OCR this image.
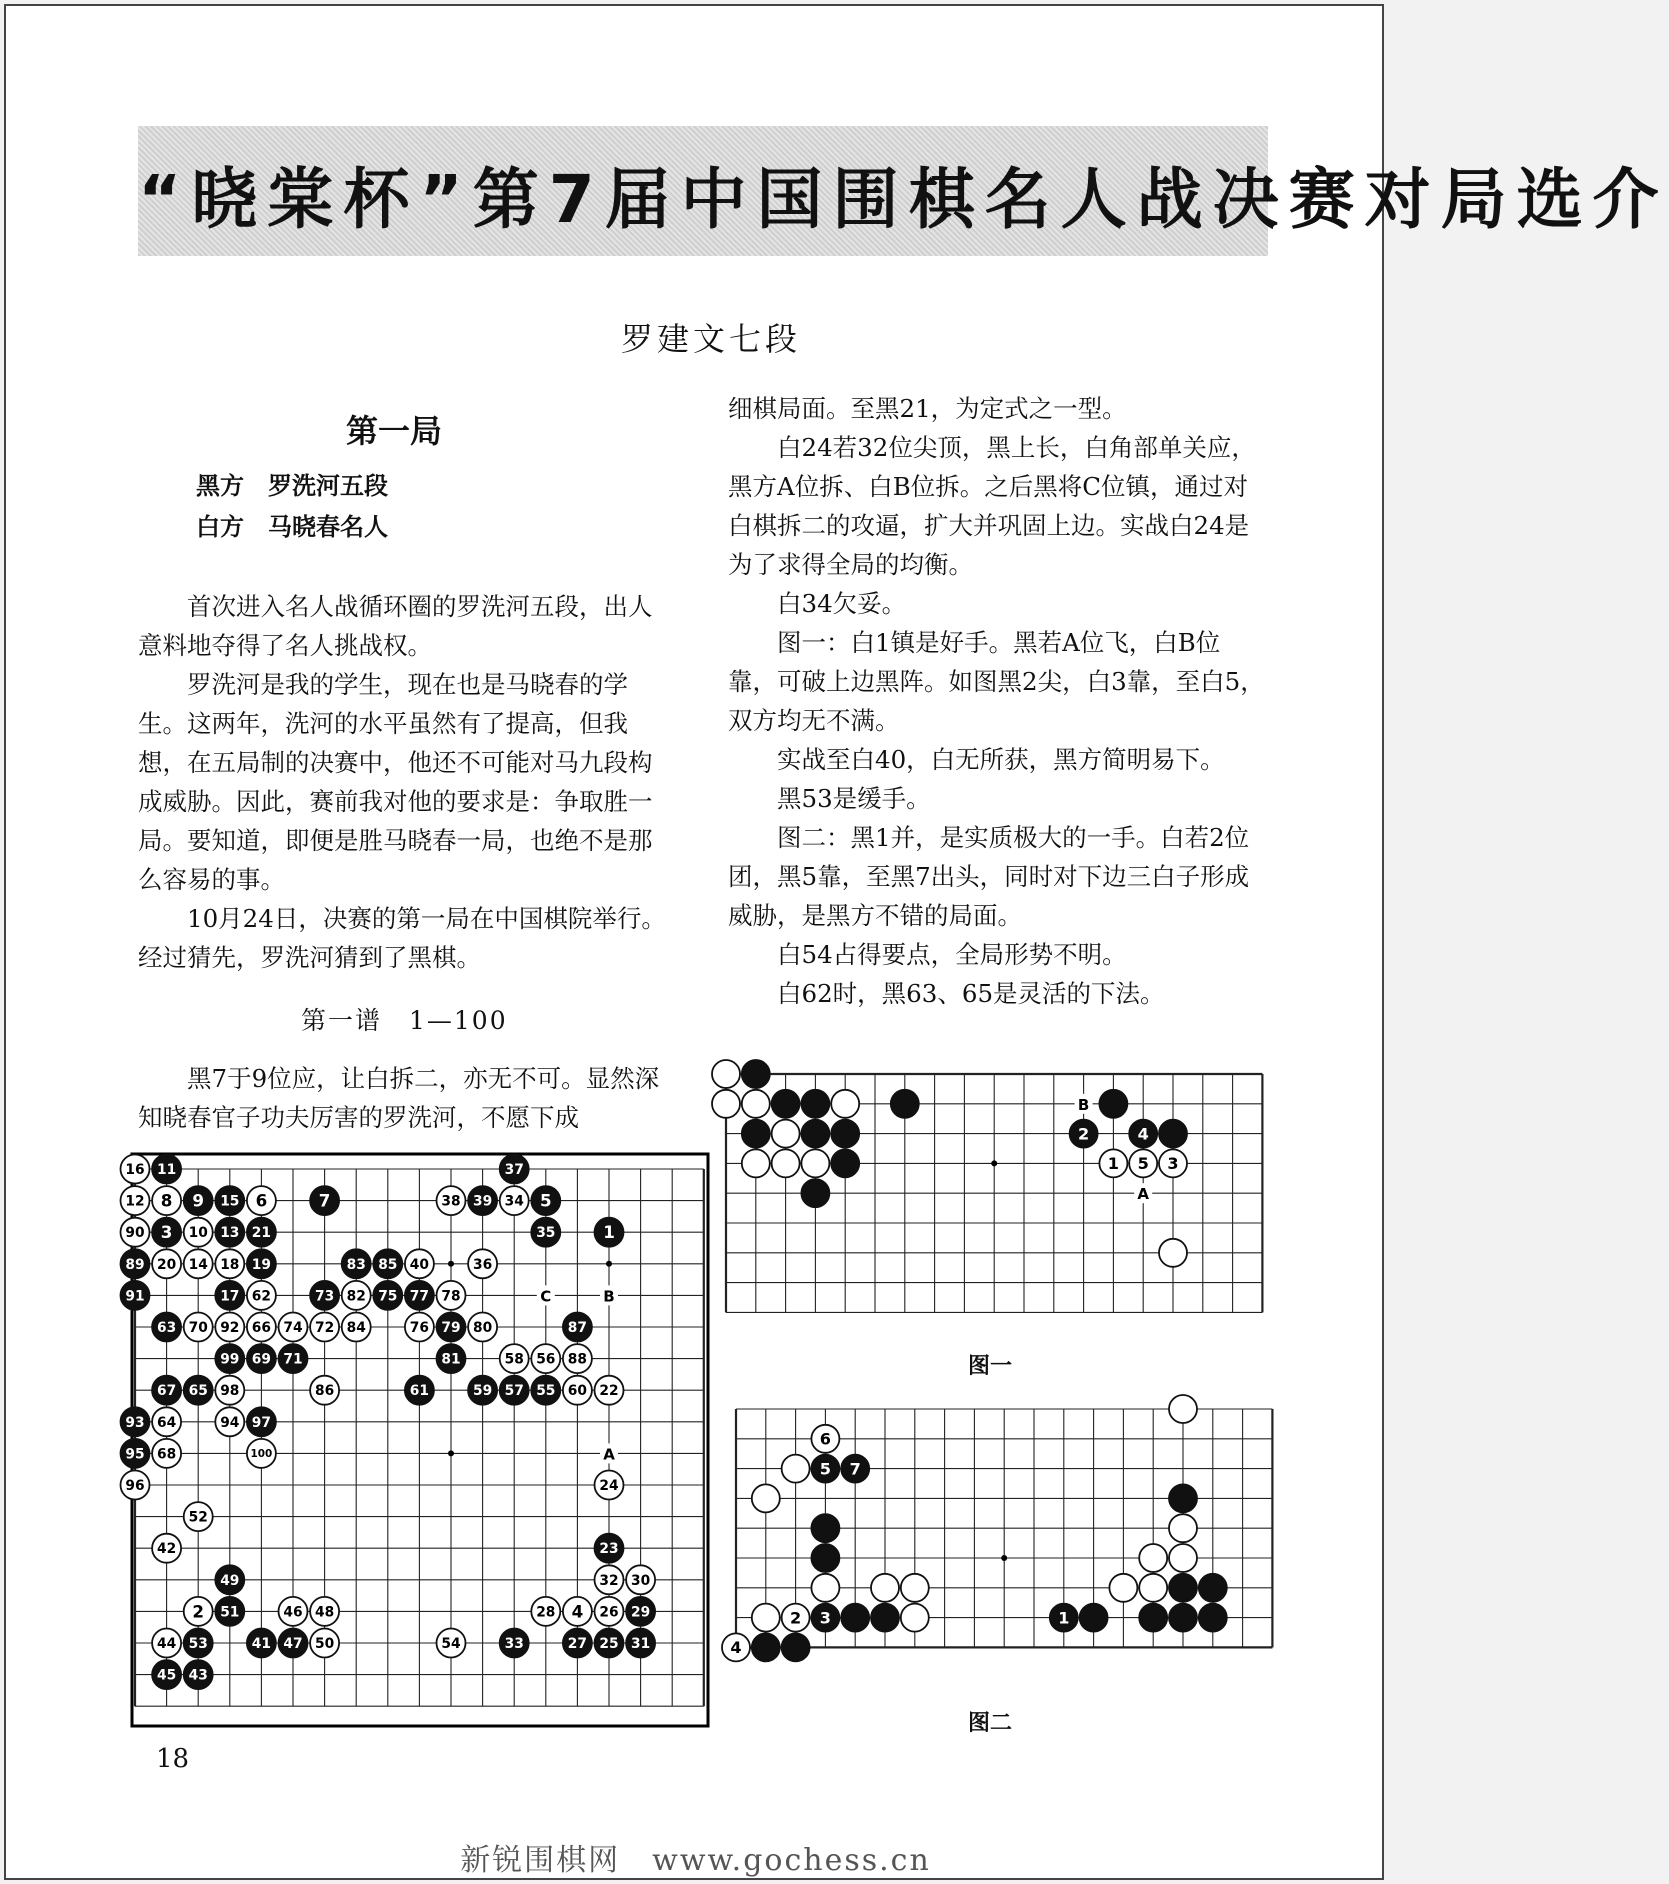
“晓棠杯”第7届中国围棋名人战决赛对局选介
罗建文七段
第一局
黑方　罗洗河五段
白方　马晓春名人

首次进入名人战循环圈的罗洗河五段，出人意料地夺得了名人挑战权。

罗洗河是我的学生，现在也是马晓春的学生。这两年，洗河的水平虽然有了提高，但我想，在五局制的决赛中，他还不可能对马九段构成威胁。因此，赛前我对他的要求是：争取胜一局。要知道，即便是胜马晓春一局，也绝不是那么容易的事。

10月24日，决赛的第一局在中国棋院举行。经过猜先，罗洗河猜到了黑棋。

第一谱　1—100

黑7于9位应，让白拆二，亦无不可。显然深知晓春官子功夫厉害的罗洗河，不愿下成

C	B
A
16 11	37
12 8 9 15 6	7	38 39 34 5
90 3 10 13 21	35	1
89 20 14 18 19	83 85 40	36
91	17 62	73 82 75 77 78
63 70 92 66 74 72 84	76 79 80	87
99 69 71	81	58 56 88
67 65 98	86	61	59 57 55 60 22
93 64	94 97
95 68	100
96	24
52
42	23
49	32 30
2 51	46 48	28 4 26 29
44 53	41 47 50	54	33	27 25 31
45 43

细棋局面。至黑21，为定式之一型。

白24若32位尖顶，黑上长，白角部单关应，黑方A位拆、白B位拆。之后黑将C位镇，通过对白棋拆二的攻逼，扩大并巩固上边。实战白24是为了求得全局的均衡。

白34欠妥。

图一：白1镇是好手。黑若A位飞，白B位靠，可破上边黑阵。如图黑2尖，白3靠，至白5，双方均无不满。

实战至白40，白无所获，黑方简明易下。

黑53是缓手。

图二：黑1并，是实质极大的一手。白若2位团，黑5靠，至黑7出头，同时对下边三白子形成威胁，是黑方不错的局面。

白54占得要点，全局形势不明。

白62时，黑63、65是灵活的下法。

B
A
2	4
1 5 3
图一
6
5 7
2 3	1
4
图二
18
新锐围棋网　www.gochess.cn
